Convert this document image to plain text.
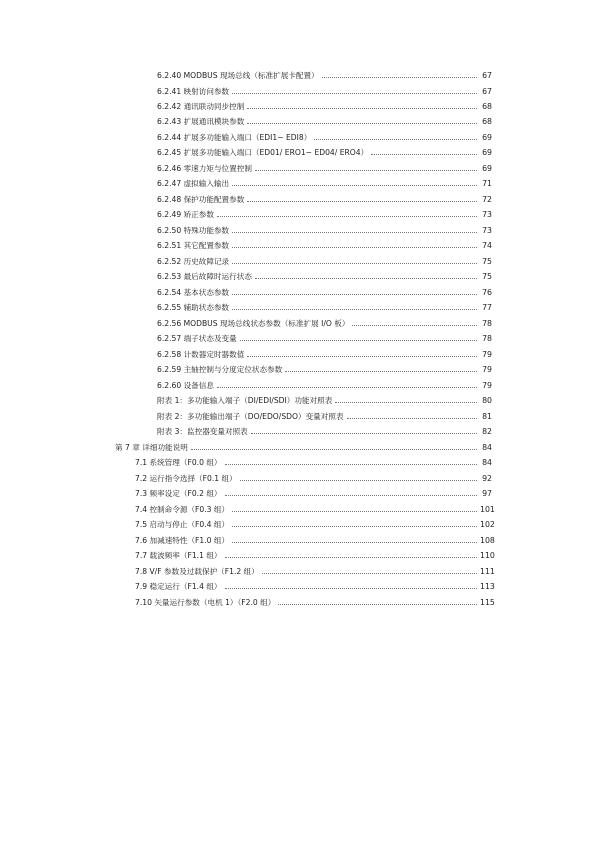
6.2.40 MODBUS 现场总线（标准扩展卡配置）	67
6.2.41 映射访问参数	67
6.2.42 通讯联动同步控制	68
6.2.43 扩展通讯模块参数	68
6.2.44 扩展多功能输入端口（EDI1~ EDI8）	69
6.2.45 扩展多功能输入端口（ED01/ ERO1~ ED04/ ERO4）	69
6.2.46 零速力矩与位置控制	69
6.2.47 虚拟输入输出	71
6.2.48 保护功能配置参数	72
6.2.49 矫正参数	73
6.2.50 特殊功能参数	73
6.2.51 其它配置参数	74
6.2.52 历史故障记录	75
6.2.53 最后故障时运行状态	75
6.2.54 基本状态参数	76
6.2.55 辅助状态参数	77
6.2.56 MODBUS 现场总线状态参数（标准扩展 I/O 板）	78
6.2.57 端子状态及变量	78
6.2.58 计数器定时器数值	79
6.2.59 主轴控制与分度定位状态参数	79
6.2.60 设备信息	79
附表 1：多功能输入端子（DI/EDI/SDI）功能对照表	80
附表 2：多功能输出端子（DO/EDO/SDO）变量对照表	81
附表 3：监控器变量对照表	82
第 7 章 详细功能说明	84
7.1 系统管理（F0.0 组）	84
7.2 运行指令选择（F0.1 组）	92
7.3 频率设定（F0.2 组）	97
7.4 控制命令源（F0.3 组）	101
7.5 启动与停止（F0.4 组）	102
7.6 加减速特性（F1.0 组）	108
7.7 载波频率（F1.1 组）	110
7.8 V/F 参数及过载保护（F1.2 组）	111
7.9 稳定运行（F1.4 组）	113
7.10 矢量运行参数（电机 1）（F2.0 组）	115
